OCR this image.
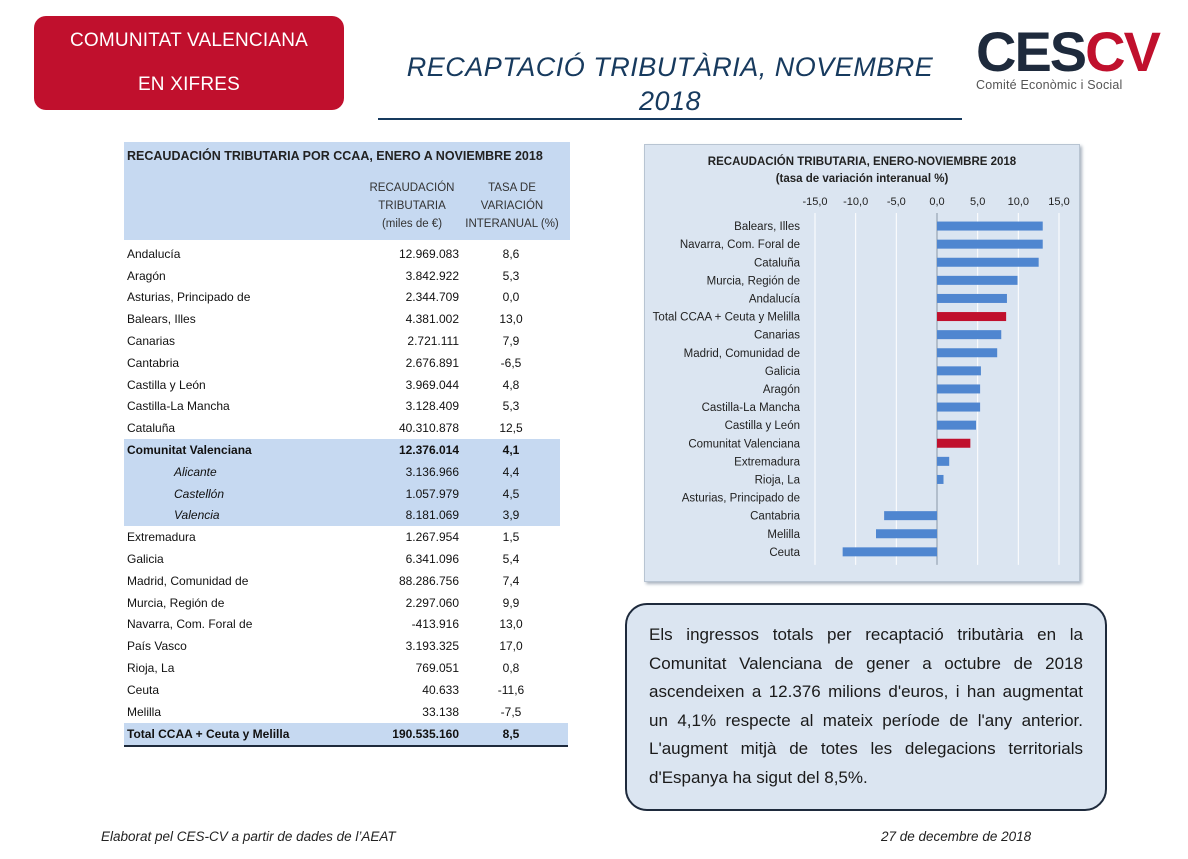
COMUNITAT VALENCIANA
EN XIFRES
RECAPTACIÓ TRIBUTÀRIA, NOVEMBRE 2018
CESCV
Comité Econòmic i Social
RECAUDACIÓN TRIBUTARIA POR CCAA, ENERO A NOVIEMBRE 2018
RECAUDACIÓN
TRIBUTARIA
(miles de €)
TASA DE
VARIACIÓN
INTERANUAL (%)
Andalucía	12.969.083	8,6
Aragón	3.842.922	5,3
Asturias, Principado de	2.344.709	0,0
Balears, Illes	4.381.002	13,0
Canarias	2.721.111	7,9
Cantabria	2.676.891	-6,5
Castilla y León	3.969.044	4,8
Castilla-La Mancha	3.128.409	5,3
Cataluña	40.310.878	12,5
Comunitat Valenciana	12.376.014	4,1
Alicante	3.136.966	4,4
Castellón	1.057.979	4,5
Valencia	8.181.069	3,9
Extremadura	1.267.954	1,5
Galicia	6.341.096	5,4
Madrid, Comunidad de	88.286.756	7,4
Murcia, Región de	2.297.060	9,9
Navarra, Com. Foral de	-413.916	13,0
País Vasco	3.193.325	17,0
Rioja, La	769.051	0,8
Ceuta	40.633	-11,6
Melilla	33.138	-7,5
Total CCAA + Ceuta y Melilla	190.535.160	8,5
RECAUDACIÓN TRIBUTARIA, ENERO-NOVIEMBRE 2018
(tasa de variación interanual %)
-15,0 -10,0 -5,0 0,0 5,0 10,0 15,0
Balears, Illes
Navarra, Com. Foral de
Cataluña
Murcia, Región de
Andalucía
Total CCAA + Ceuta y Melilla
Canarias
Madrid, Comunidad de
Galicia
Aragón
Castilla-La Mancha
Castilla y León
Comunitat Valenciana
Extremadura
Rioja, La
Asturias, Principado de
Cantabria
Melilla
Ceuta

Els ingressos totals per recaptació tributària en la Comunitat Valenciana de gener a octubre de 2018 ascendeixen a 12.376 milions d'euros, i han augmentat un 4,1% respecte al mateix període de l'any anterior. L'augment mitjà de totes les delegacions territorials d'Espanya ha sigut del 8,5%.

Elaborat pel CES-CV a partir de dades de l’AEAT	27 de decembre de 2018
